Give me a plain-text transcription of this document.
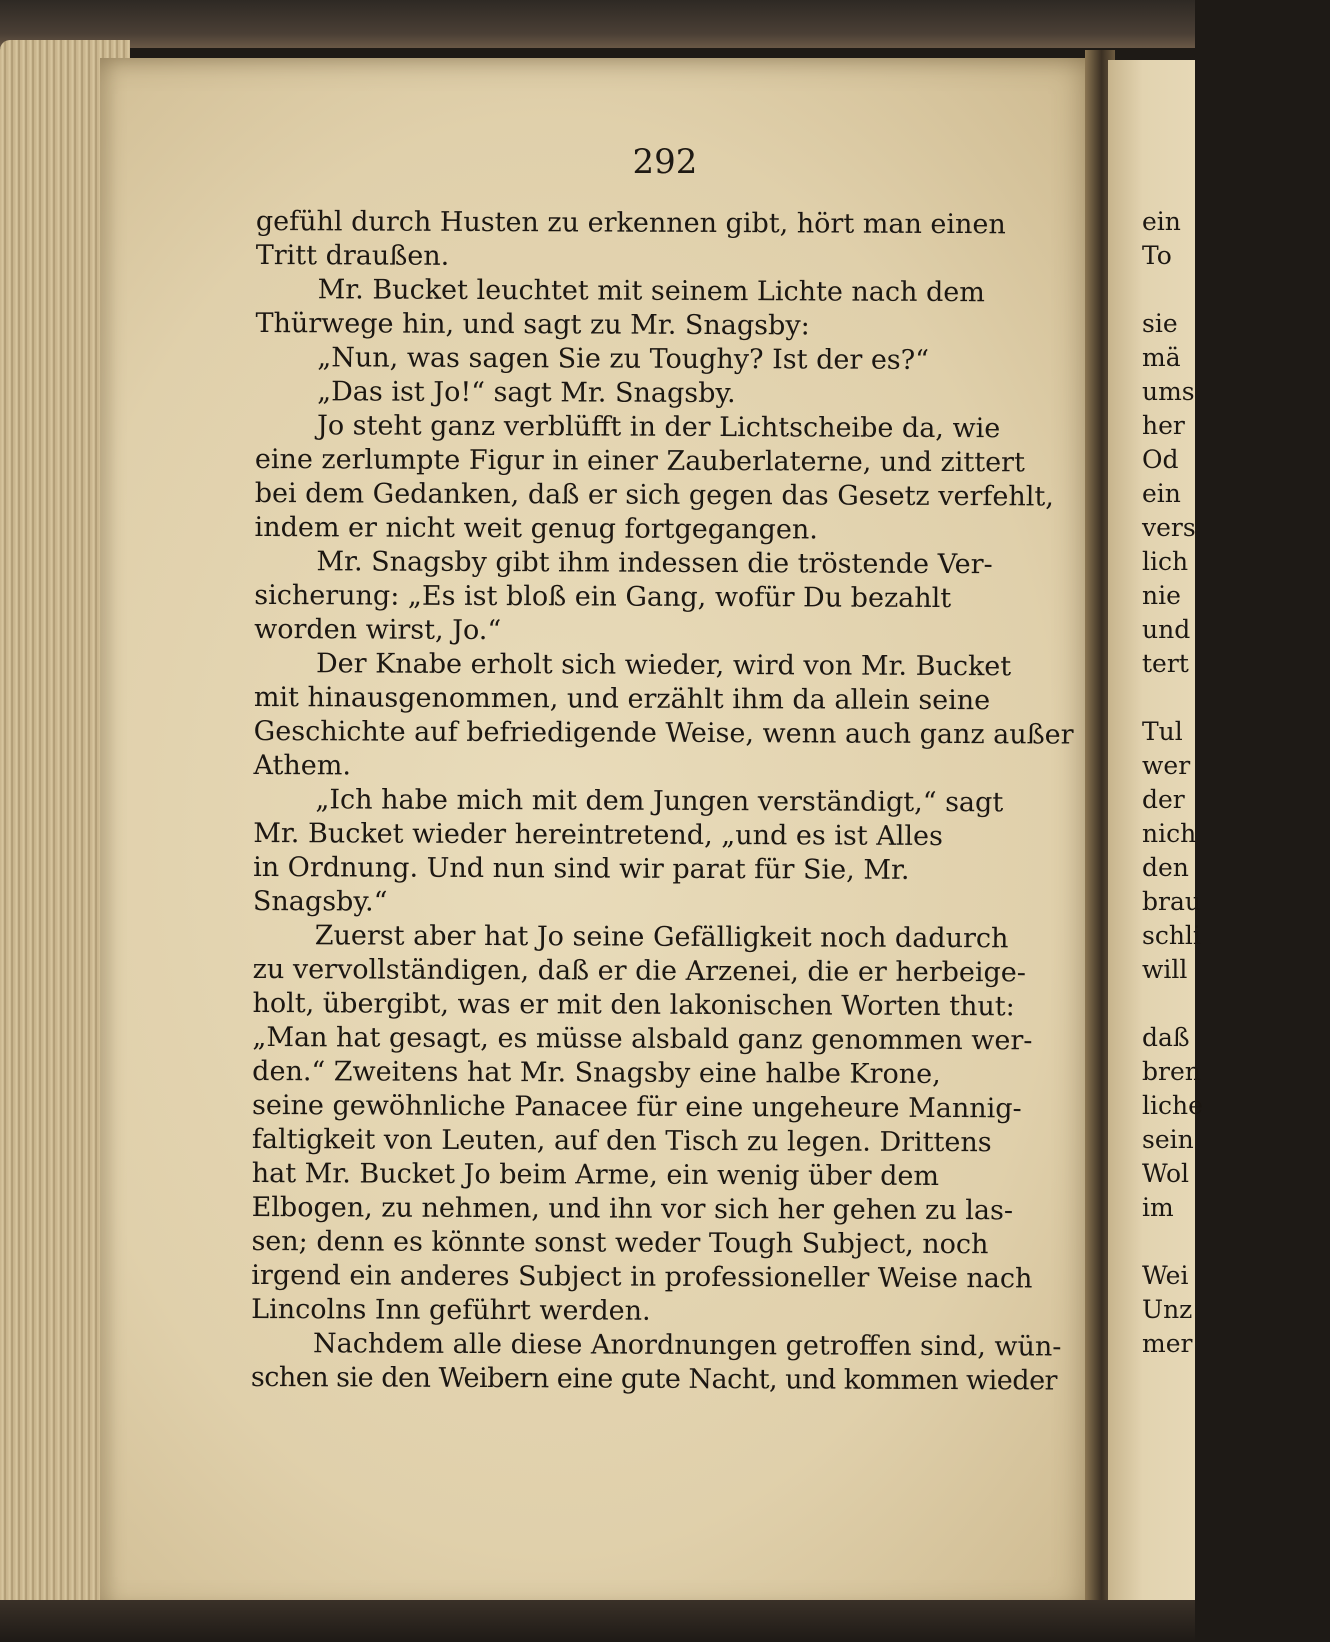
292
gefühl durch Husten zu erkennen gibt, hört man einen
Tritt draußen.
Mr. Bucket leuchtet mit seinem Lichte nach dem
Thürwege hin, und sagt zu Mr. Snagsby:
„Nun, was sagen Sie zu Toughy? Ist der es?“
„Das ist Jo!“ sagt Mr. Snagsby.
Jo steht ganz verblüfft in der Lichtscheibe da, wie
eine zerlumpte Figur in einer Zauberlaterne, und zittert
bei dem Gedanken, daß er sich gegen das Gesetz verfehlt,
indem er nicht weit genug fortgegangen.
Mr. Snagsby gibt ihm indessen die tröstende Ver-
sicherung: „Es ist bloß ein Gang, wofür Du bezahlt
worden wirst, Jo.“
Der Knabe erholt sich wieder, wird von Mr. Bucket
mit hinausgenommen, und erzählt ihm da allein seine
Geschichte auf befriedigende Weise, wenn auch ganz außer
Athem.
„Ich habe mich mit dem Jungen verständigt,“ sagt
Mr. Bucket wieder hereintretend, „und es ist Alles
in Ordnung. Und nun sind wir parat für Sie, Mr.
Snagsby.“
Zuerst aber hat Jo seine Gefälligkeit noch dadurch
zu vervollständigen, daß er die Arzenei, die er herbeige-
holt, übergibt, was er mit den lakonischen Worten thut:
„Man hat gesagt, es müsse alsbald ganz genommen wer-
den.“ Zweitens hat Mr. Snagsby eine halbe Krone,
seine gewöhnliche Panacee für eine ungeheure Mannig-
faltigkeit von Leuten, auf den Tisch zu legen. Drittens
hat Mr. Bucket Jo beim Arme, ein wenig über dem
Elbogen, zu nehmen, und ihn vor sich her gehen zu las-
sen; denn es könnte sonst weder Tough Subject, noch
irgend ein anderes Subject in professioneller Weise nach
Lincolns Inn geführt werden.
Nachdem alle diese Anordnungen getroffen sind, wün-
schen sie den Weibern eine gute Nacht, und kommen wieder
ein
To
sie
mä
ums
her
Od
ein
vers
lich
nie
und
tert
Tul
wer
der
nich
den
brau
schli
will
daß
bren
liche
sein
Wol
im
Wei
Unz
mer
